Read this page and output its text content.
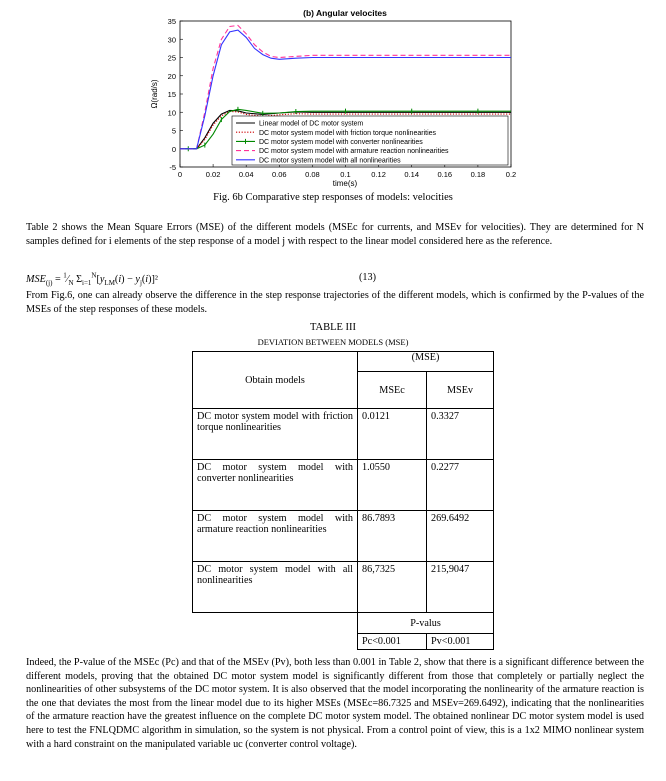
(b) Angular velocites
-5
0
5
10
15
20
25
30
35
0	0.02 0.04 0.06 0.08	0.1	0.12 0.14 0.16 0.18	0.2
Ω(rad/s)
time(s)
Linear model of DC motor system
DC motor system model with friction torque nonlinearities
DC motor system model with converter nonlinearities
DC motor system model with armature reaction nonlinearities
DC motor system model with all nonlinearities
Fig. 6b Comparative step responses of models: velocities

Table 2 shows the Mean Square Errors (MSE) of the different models (MSEc for currents, and MSEv for velocities). They are determined for N samples defined for i elements of the step response of a model j with respect to the linear model considered here as the reference.

$MSE_{(j)}$ = $^1⁄_N$ $\Sigma_{i=1}^N[y_{LM}(i) - y_j(i)]^2$	(13)

From Fig.6, one can already observe the difference in the step response trajectories of the different models, which is confirmed by the P-values of the MSEs of the step responses of these models.

TABLE III
DEVIATION BETWEEN MODELS (MSE)
Obtain models	(MSE)	
	MSEc	MSEv
DC motor system model with friction torque nonlinearities	0.0121	0.3327
DC motor system model with converter nonlinearities	1.0550	0.2277
DC motor system model with armature reaction nonlinearities	86.7893	269.6492
DC motor system model with all nonlinearities	86,7325	215,9047
	P-valus	
	Pc<0.001	Pv<0.001

Indeed, the P-value of the MSEc (Pc) and that of the MSEv (Pv), both less than 0.001 in Table 2, show that there is a significant difference between the different models, proving that the obtained DC motor system model is significantly different from those that completely or partially neglect the nonlinearities of other subsystems of the DC motor system. It is also observed that the model incorporating the nonlinearity of the armature reaction is the one that deviates the most from the linear model due to its higher MSEs (MSEc=86.7325 and MSEv=269.6492), indicating that the nonlinearities of the armature reaction have the greatest influence on the complete DC motor system model. The obtained nonlinear DC motor system model is used here to test the FNLQDMC algorithm in simulation, so the system is not physical. From a control point of view, this is a 1x2 MIMO nonlinear system with a hard constraint on the manipulated variable uc (converter control voltage).
